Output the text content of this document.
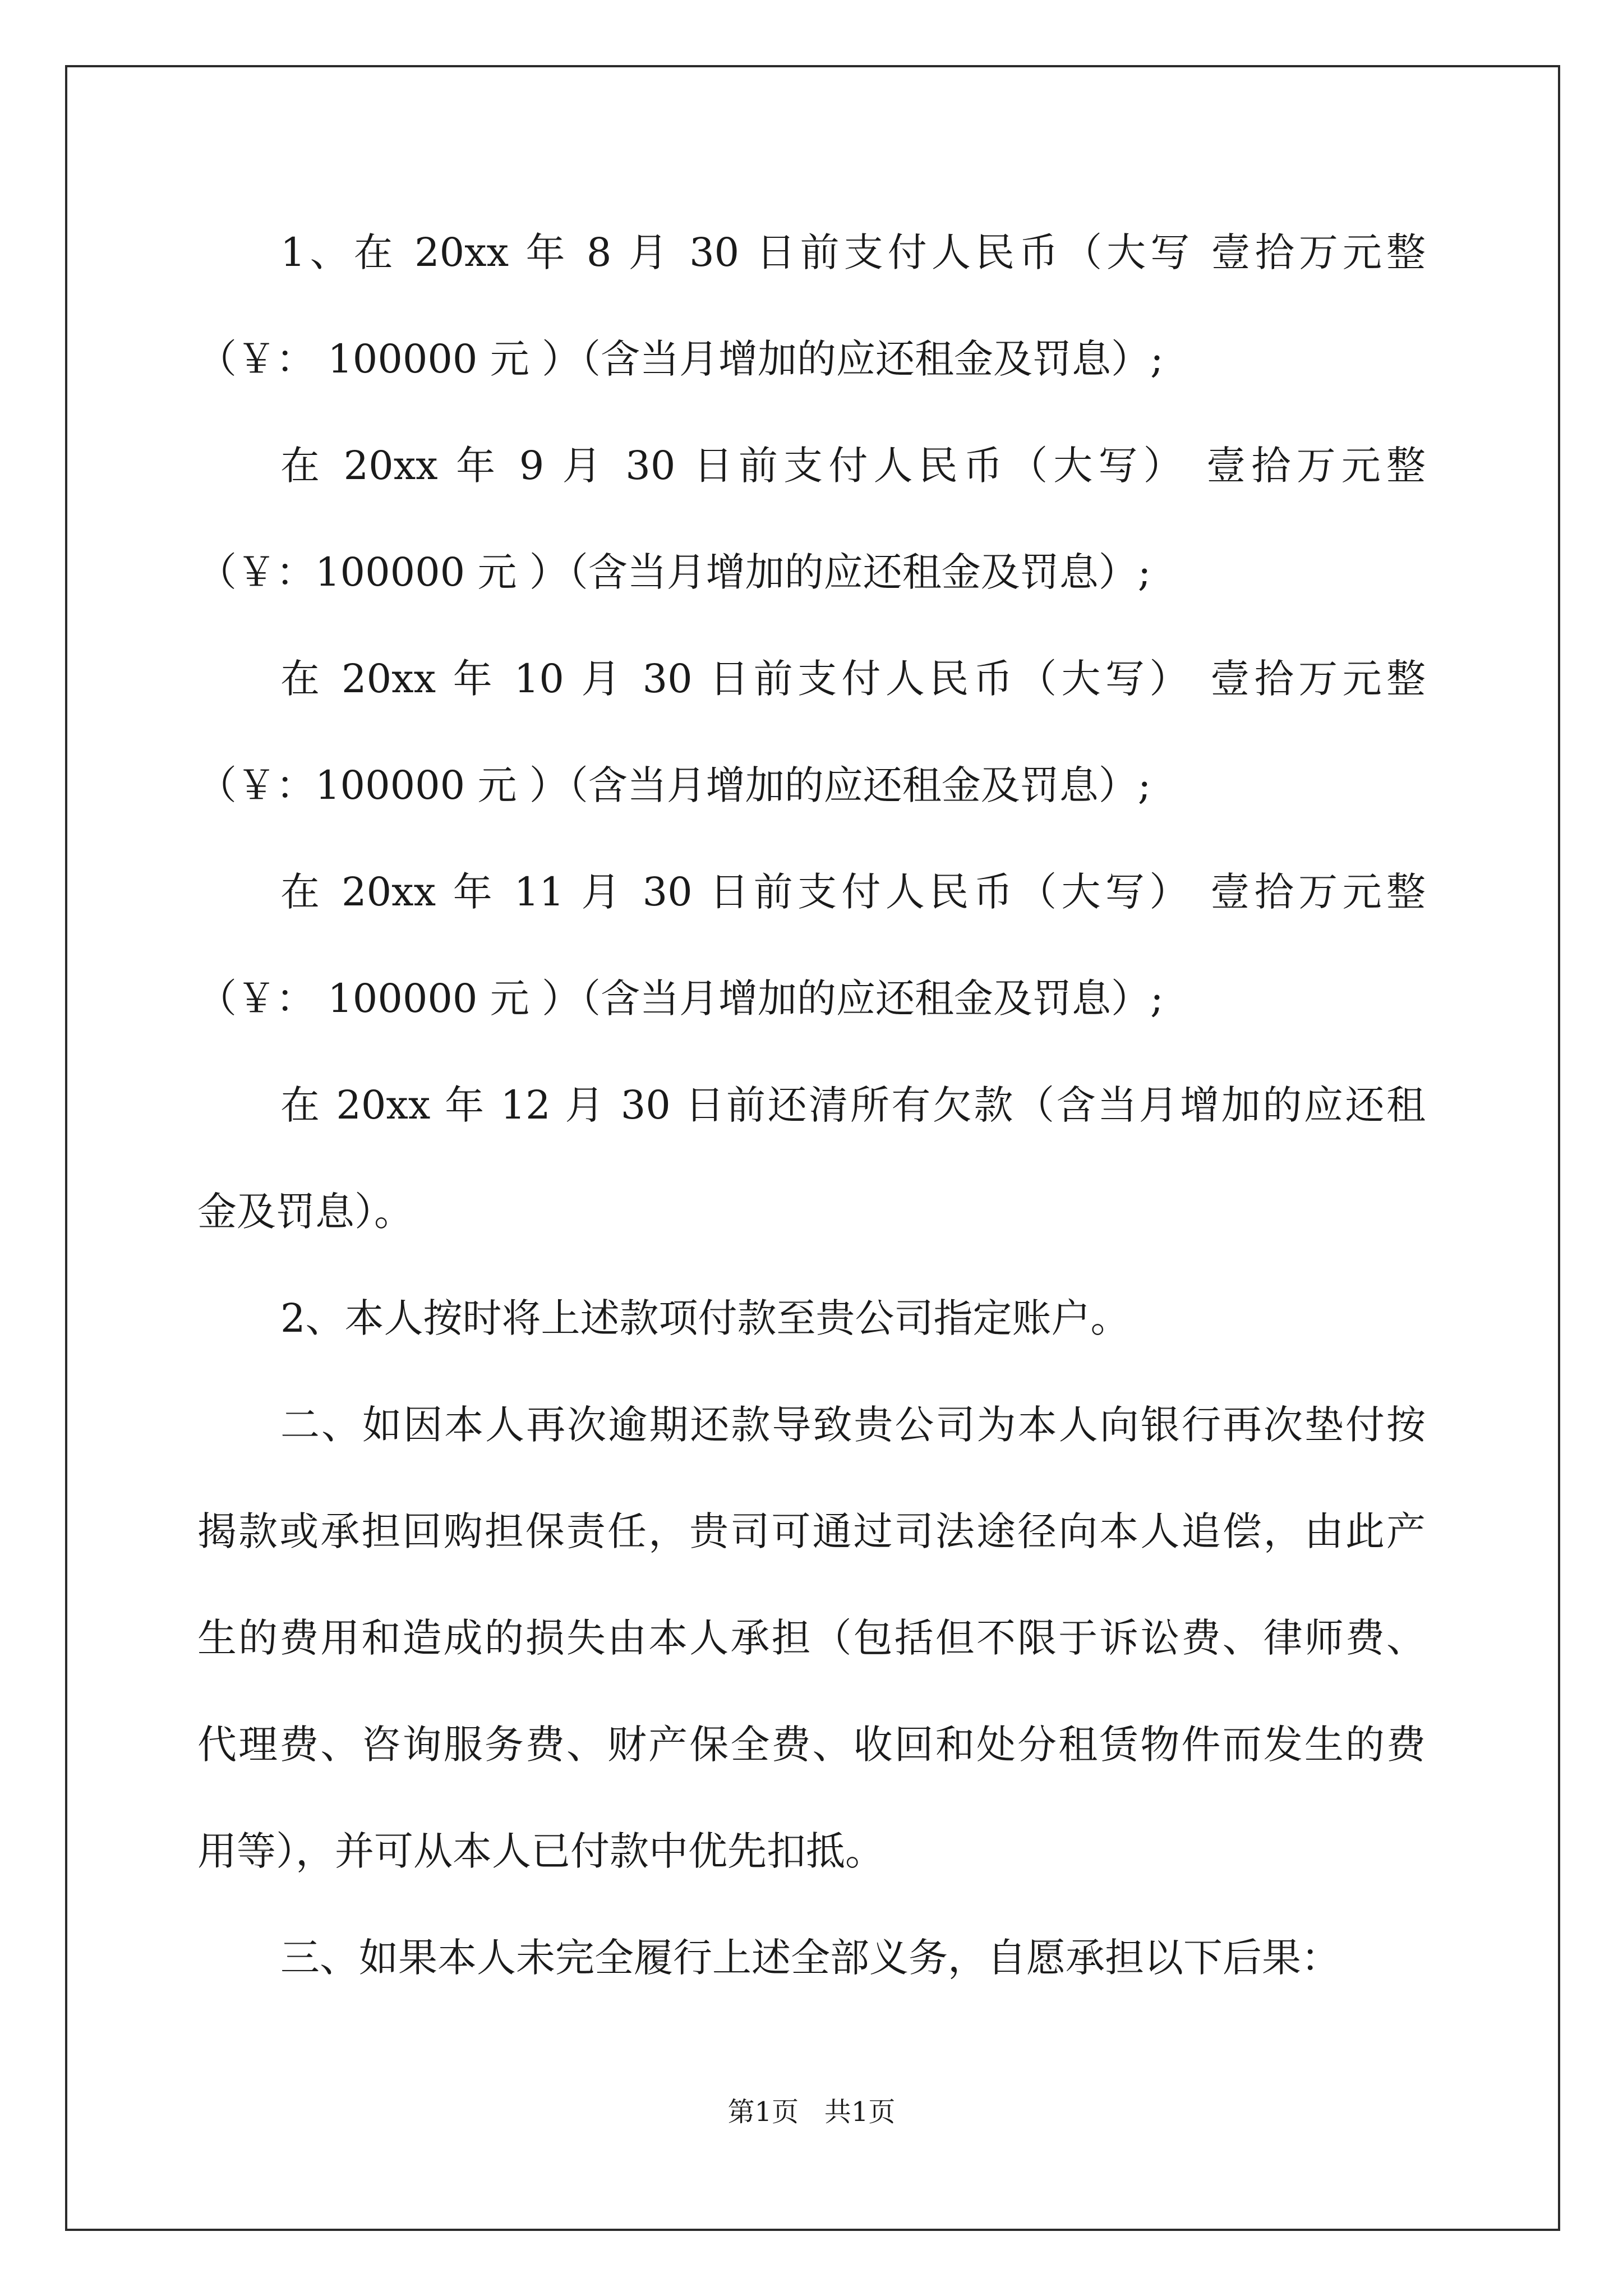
1、在 20xx 年 8 月 30 日前支付人民币（大写 壹拾万元整
（￥： 100000 元 ）（含当月增加的应还租金及罚息）;
在 20xx 年 9 月 30 日前支付人民币（大写） 壹拾万元整
（￥：100000 元 ）（含当月增加的应还租金及罚息）;
在 20xx 年 10 月 30 日前支付人民币（大写） 壹拾万元整
（￥：100000 元 ）（含当月增加的应还租金及罚息）;
在 20xx 年 11 月 30 日前支付人民币（大写） 壹拾万元整
（￥： 100000 元 ）（含当月增加的应还租金及罚息）;
在 20xx 年 12 月 30 日前还清所有欠款（含当月增加的应还租
金及罚息）。
2、本人按时将上述款项付款至贵公司指定账户。
二、如因本人再次逾期还款导致贵公司为本人向银行再次垫付按
揭款或承担回购担保责任，贵司可通过司法途径向本人追偿，由此产
生的费用和造成的损失由本人承担（包括但不限于诉讼费、律师费、
代理费、咨询服务费、财产保全费、收回和处分租赁物件而发生的费
用等），并可从本人已付款中优先扣抵。
三、如果本人未完全履行上述全部义务，自愿承担以下后果：
第1页   共1页
